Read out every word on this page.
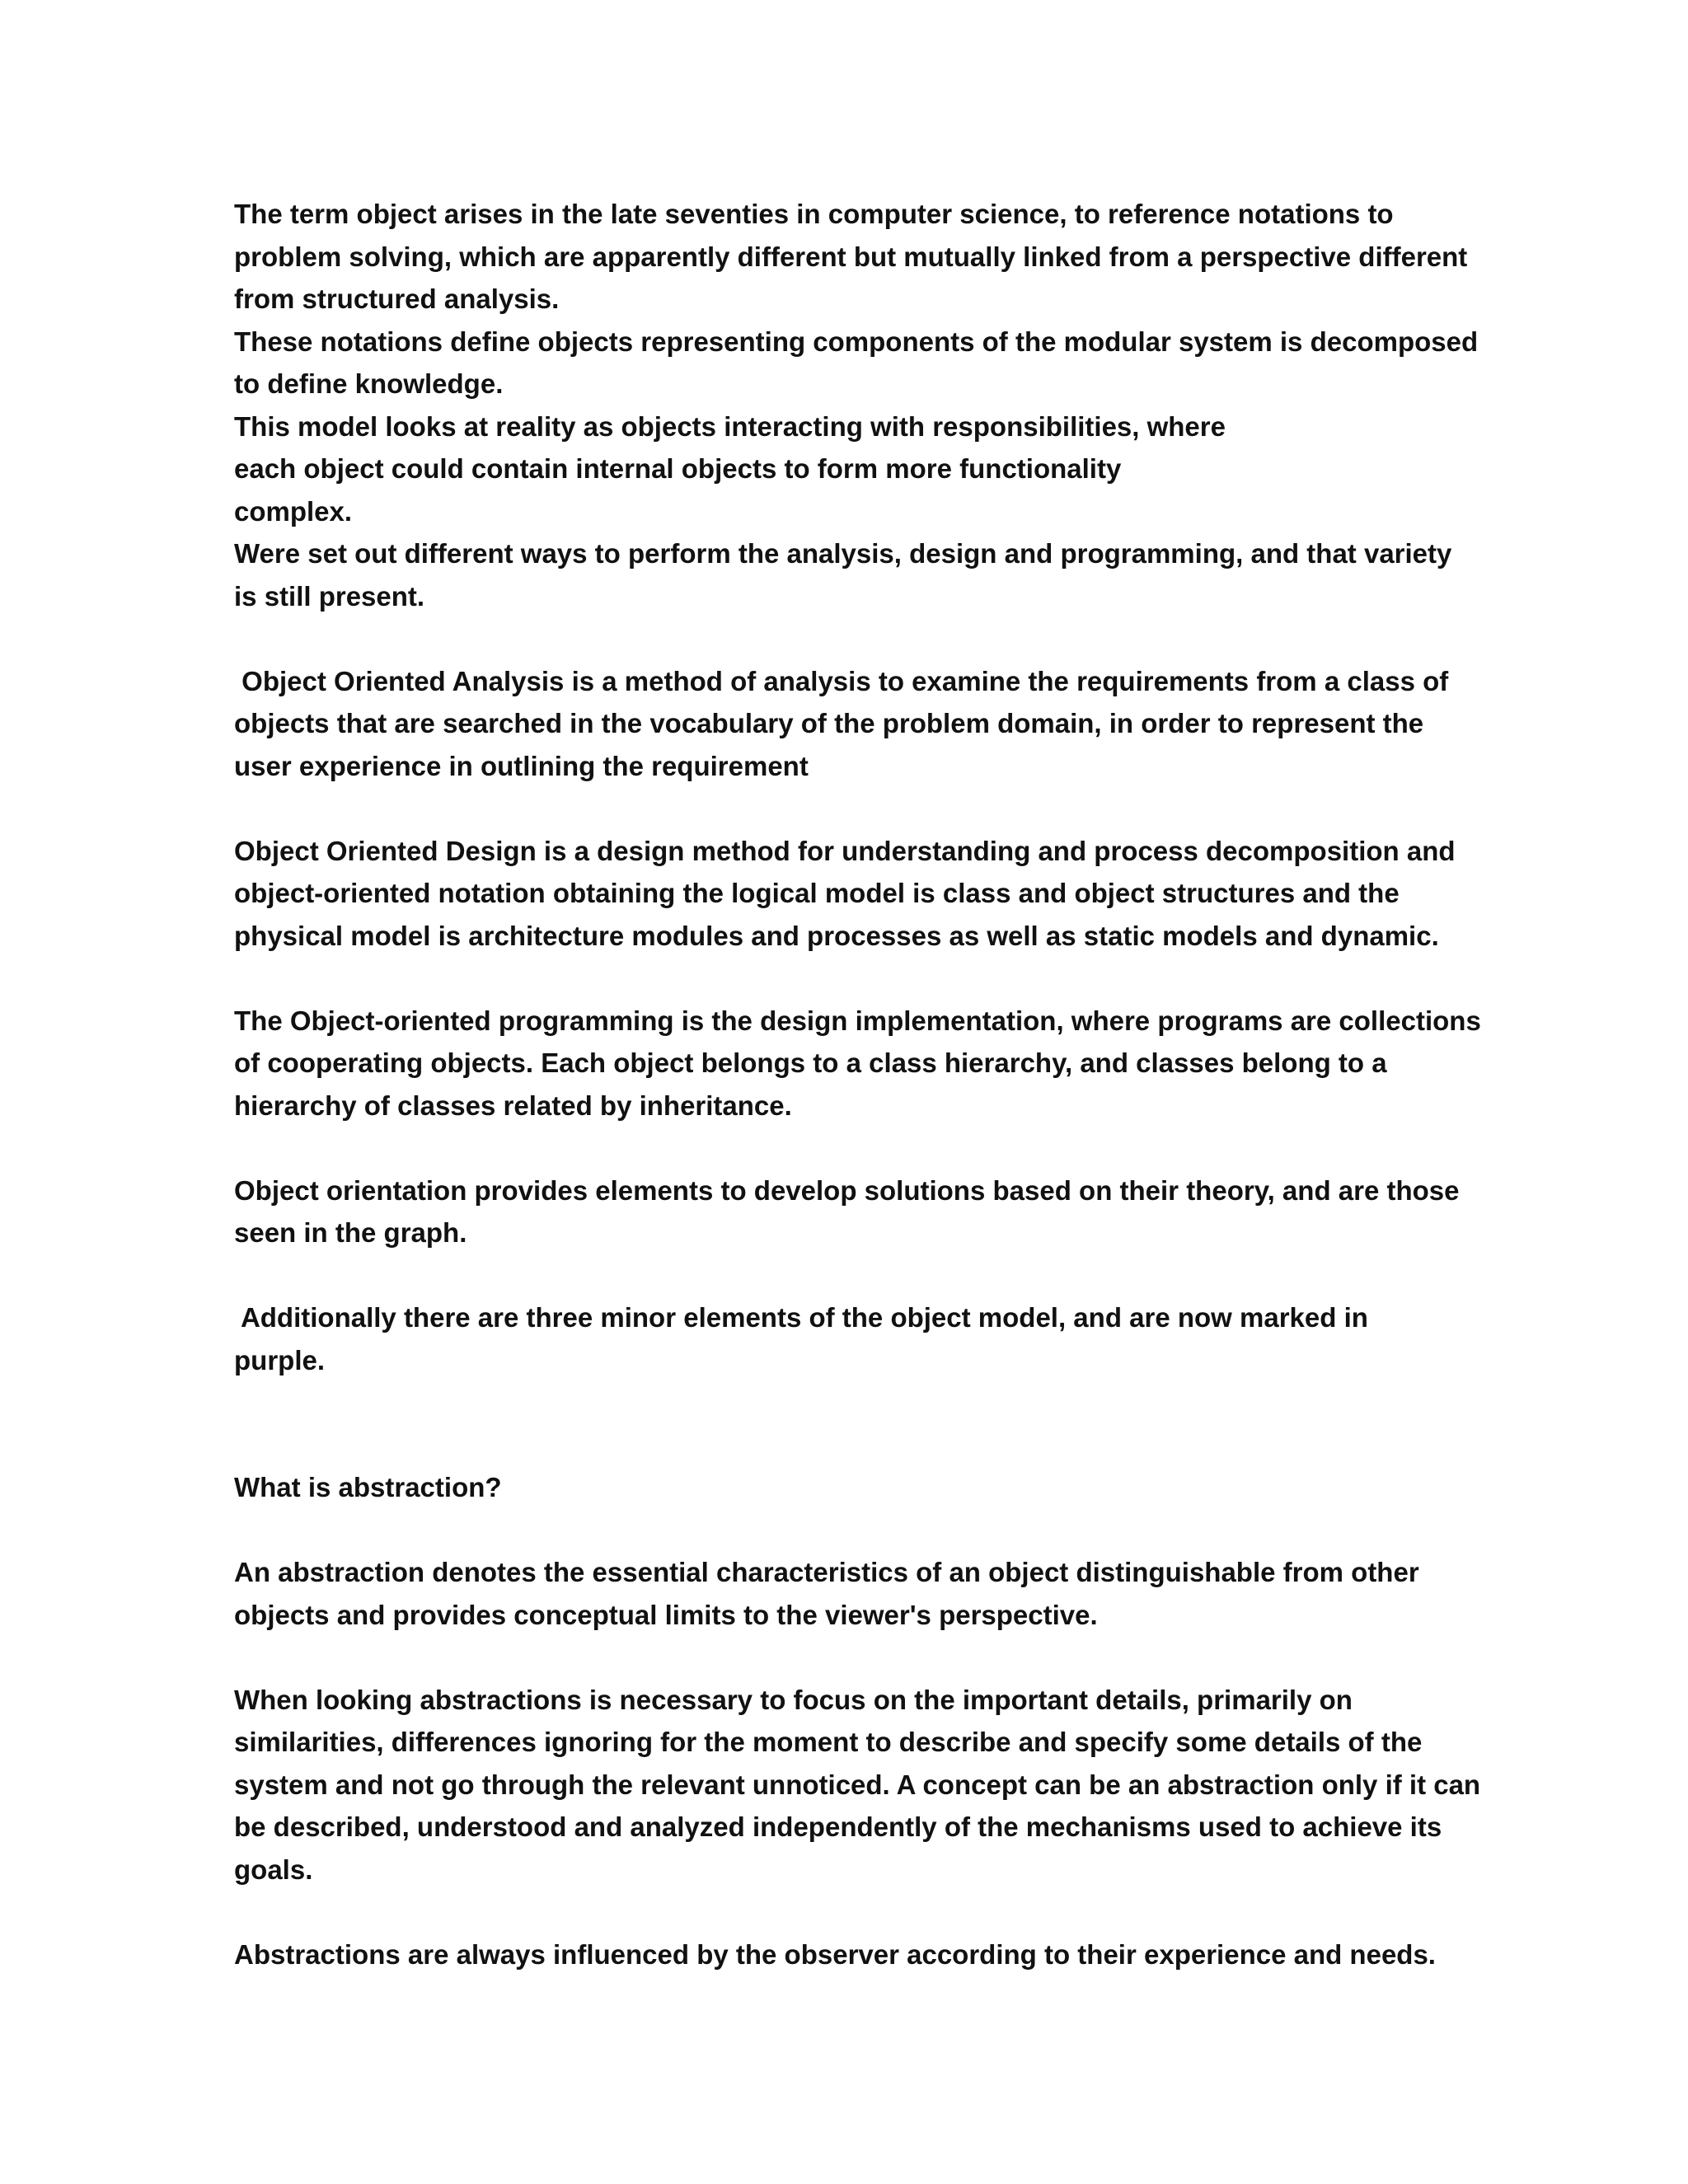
The term object arises in the late seventies in computer science, to reference notations to
problem solving, which are apparently different but mutually linked from a perspective different
from structured analysis.
These notations define objects representing components of the modular system is decomposed
to define knowledge.
This model looks at reality as objects interacting with responsibilities, where
each object could contain internal objects to form more functionality
complex.
Were set out different ways to perform the analysis, design and programming, and that variety
is still present.
Object Oriented Analysis is a method of analysis to examine the requirements from a class of
objects that are searched in the vocabulary of the problem domain, in order to represent the
user experience in outlining the requirement
Object Oriented Design is a design method for understanding and process decomposition and
object-oriented notation obtaining the logical model is class and object structures and the
physical model is architecture modules and processes as well as static models and dynamic.
The Object-oriented programming is the design implementation, where programs are collections
of cooperating objects. Each object belongs to a class hierarchy, and classes belong to a
hierarchy of classes related by inheritance.
Object orientation provides elements to develop solutions based on their theory, and are those
seen in the graph.
Additionally there are three minor elements of the object model, and are now marked in
purple.
What is abstraction?
An abstraction denotes the essential characteristics of an object distinguishable from other
objects and provides conceptual limits to the viewer's perspective.
When looking abstractions is necessary to focus on the important details, primarily on
similarities, differences ignoring for the moment to describe and specify some details of the
system and not go through the relevant unnoticed. A concept can be an abstraction only if it can
be described, understood and analyzed independently of the mechanisms used to achieve its
goals.
Abstractions are always influenced by the observer according to their experience and needs.
